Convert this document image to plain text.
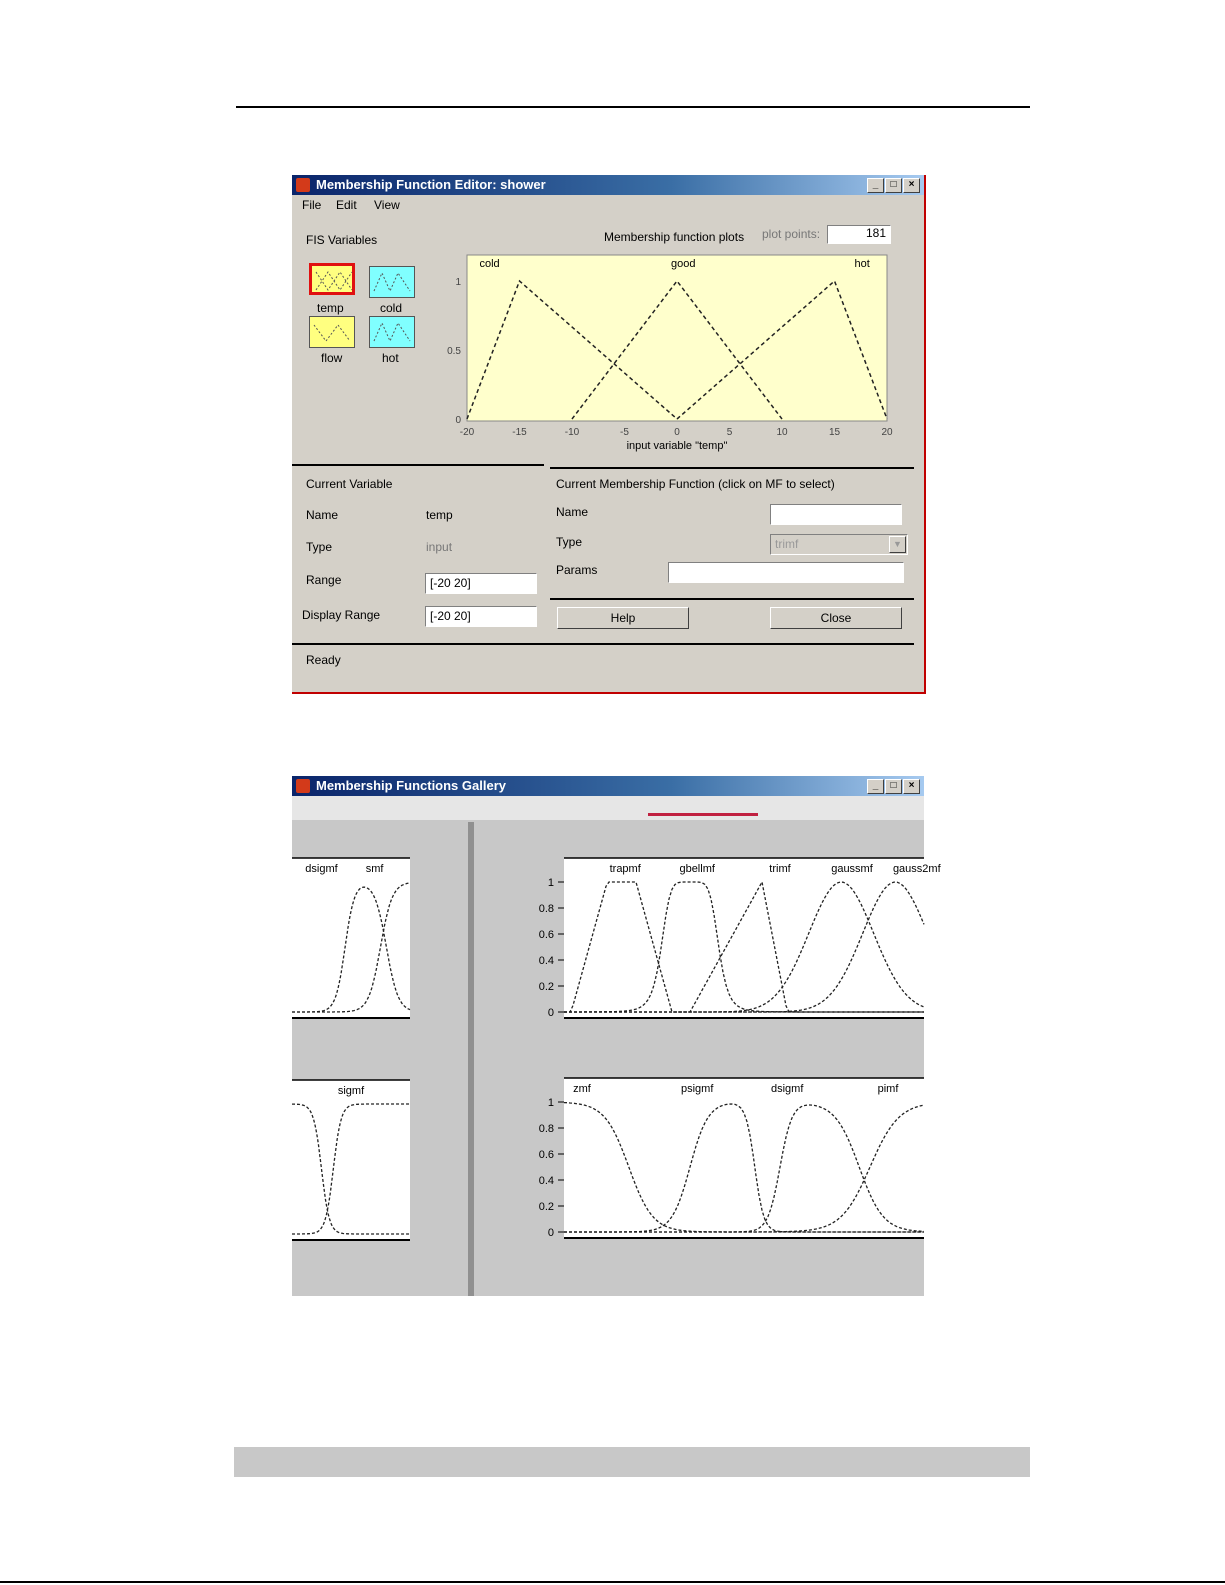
Membership Function Editor: shower	_	□	×
File Edit View
FIS Variables
temp	cold
flow	hot
Membership function plots plot points:	181
cold	good	hot
-20	-15	-10	-5	0	5	10	15	20
0
0.5
1
input variable "temp"
Current Variable
Name	temp
Type	input
Range	[-20 20]
Display Range	[-20 20]
Current Membership Function (click on MF to select)
Name
Type	trimf	▼
Params
Help	Close
Ready
Membership Functions Gallery	_	□	×
dsigmf	smf
sigmf
trapmf	gbellmf	trimf	gaussmf gauss2mf
0
0.2
0.4
0.6
0.8
1
zmf	psigmf	dsigmf	pimf
0
0.2
0.4
0.6
0.8
1
